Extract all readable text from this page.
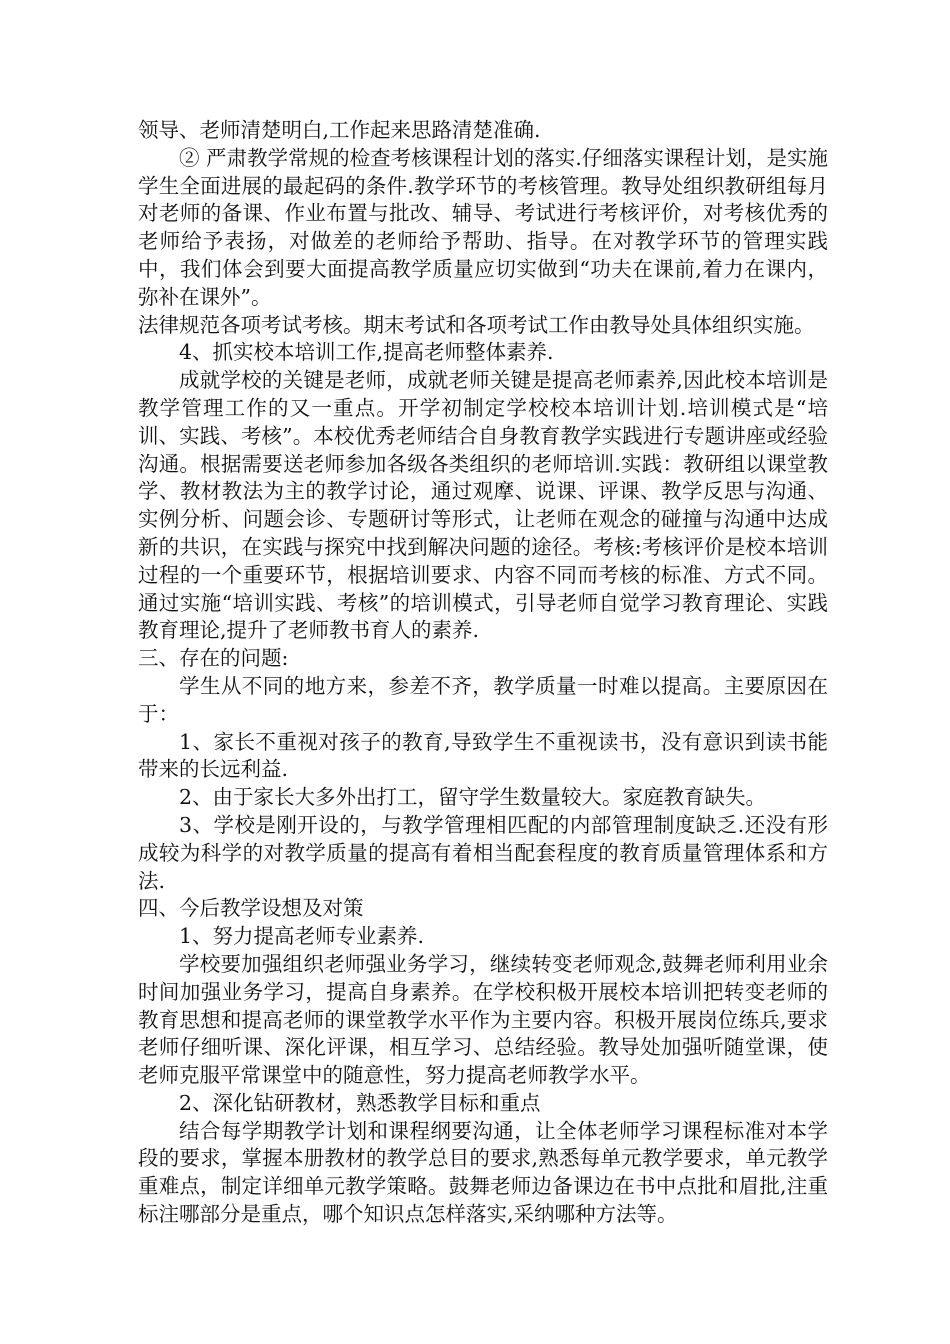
领导、老师清楚明白,工作起来思路清楚准确.

② 严肃教学常规的检查考核课程计划的落实.仔细落实课程计划，是实施学生全面进展的最起码的条件.教学环节的考核管理。教导处组织教研组每月对老师的备课、作业布置与批改、辅导、考试进行考核评价，对考核优秀的老师给予表扬，对做差的老师给予帮助、指导。在对教学环节的管理实践中，我们体会到要大面提高教学质量应切实做到“功夫在课前,着力在课内，弥补在课外”。

法律规范各项考试考核。期末考试和各项考试工作由教导处具体组织实施。

4、抓实校本培训工作,提高老师整体素养.

成就学校的关键是老师，成就老师关键是提高老师素养,因此校本培训是教学管理工作的又一重点。开学初制定学校校本培训计划.培训模式是“培训、实践、考核”。本校优秀老师结合自身教育教学实践进行专题讲座或经验沟通。根据需要送老师参加各级各类组织的老师培训.实践：教研组以课堂教学、教材教法为主的教学讨论，通过观摩、说课、评课、教学反思与沟通、实例分析、问题会诊、专题研讨等形式，让老师在观念的碰撞与沟通中达成新的共识，在实践与探究中找到解决问题的途径。考核:考核评价是校本培训过程的一个重要环节，根据培训要求、内容不同而考核的标准、方式不同。通过实施“培训实践、考核”的培训模式，引导老师自觉学习教育理论、实践教育理论,提升了老师教书育人的素养.

三、存在的问题:

学生从不同的地方来，参差不齐，教学质量一时难以提高。主要原因在于：

1、家长不重视对孩子的教育,导致学生不重视读书，没有意识到读书能带来的长远利益.

2、由于家长大多外出打工，留守学生数量较大。家庭教育缺失。

3、学校是刚开设的，与教学管理相匹配的内部管理制度缺乏.还没有形成较为科学的对教学质量的提高有着相当配套程度的教育质量管理体系和方法.

四、今后教学设想及对策

1、努力提高老师专业素养.

学校要加强组织老师强业务学习，继续转变老师观念,鼓舞老师利用业余时间加强业务学习，提高自身素养。在学校积极开展校本培训把转变老师的教育思想和提高老师的课堂教学水平作为主要内容。积极开展岗位练兵,要求老师仔细听课、深化评课，相互学习、总结经验。教导处加强听随堂课，使老师克服平常课堂中的随意性，努力提高老师教学水平。

2、深化钻研教材，熟悉教学目标和重点

结合每学期教学计划和课程纲要沟通，让全体老师学习课程标准对本学段的要求，掌握本册教材的教学总目的要求,熟悉每单元教学要求，单元教学重难点，制定详细单元教学策略。鼓舞老师边备课边在书中点批和眉批,注重标注哪部分是重点，哪个知识点怎样落实,采纳哪种方法等。
